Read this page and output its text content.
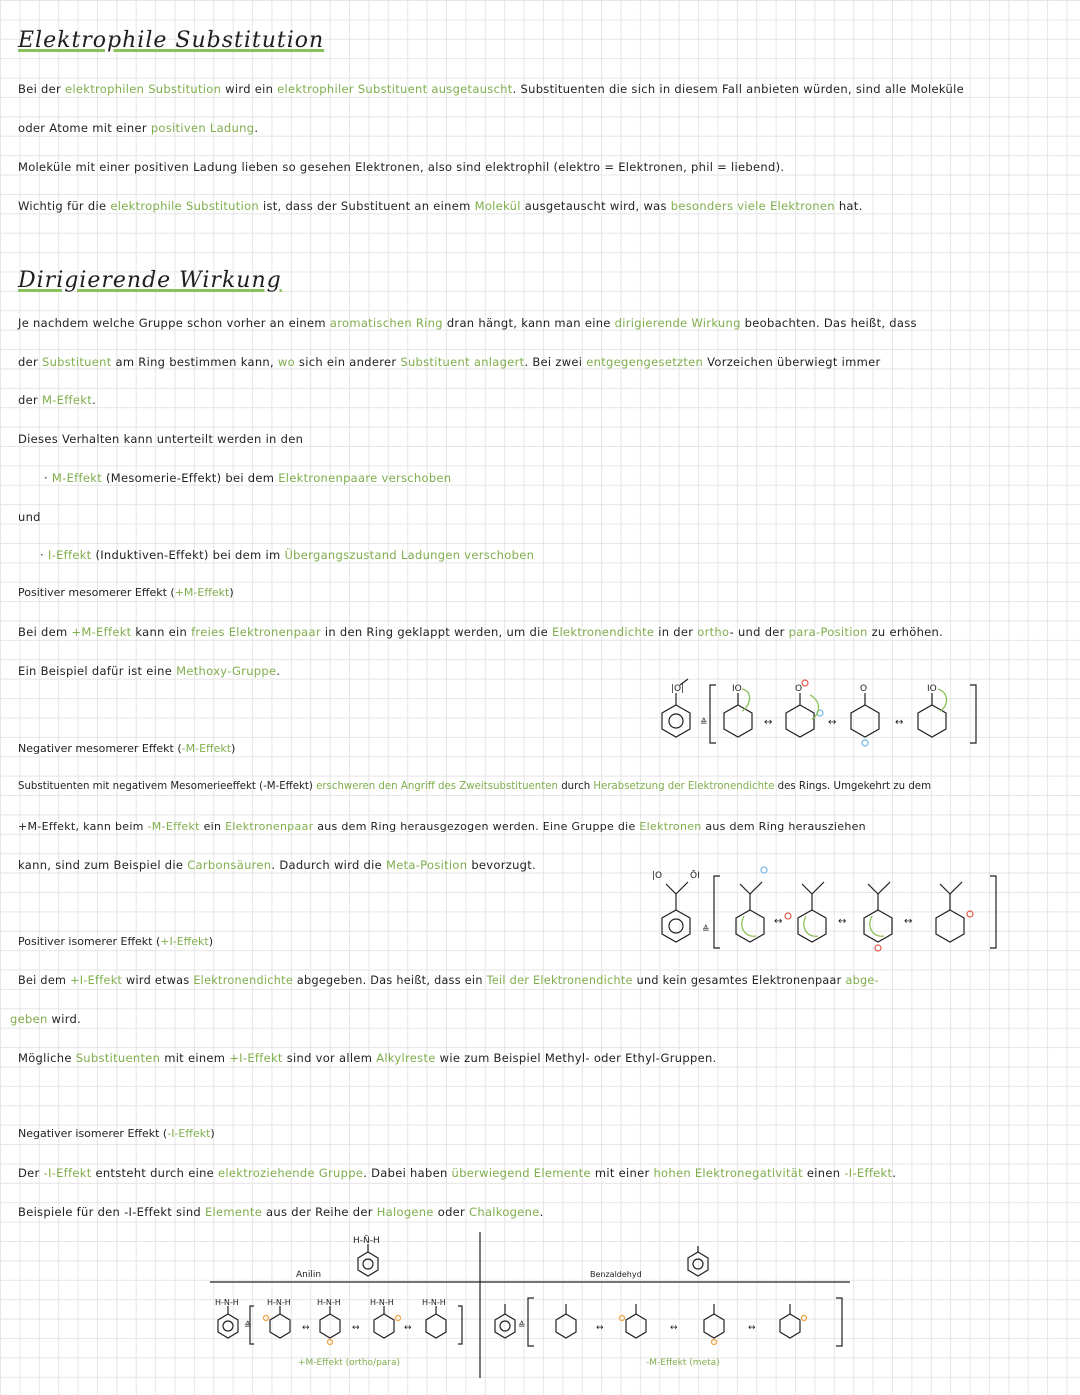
Elektrophile Substitution
Bei der elektrophilen Substitution wird ein elektrophiler Substituent ausgetauscht. Substituenten die sich in diesem Fall anbieten würden, sind alle Moleküle
oder Atome mit einer positiven Ladung.
Moleküle mit einer positiven Ladung lieben so gesehen Elektronen, also sind elektrophil (elektro = Elektronen, phil = liebend).
Wichtig für die elektrophile Substitution ist, dass der Substituent an einem Molekül ausgetauscht wird, was besonders viele Elektronen hat.
Dirigierende Wirkung
Je nachdem welche Gruppe schon vorher an einem aromatischen Ring dran hängt, kann man eine dirigierende Wirkung beobachten. Das heißt, dass
der Substituent am Ring bestimmen kann, wo sich ein anderer Substituent anlagert. Bei zwei entgegengesetzten Vorzeichen überwiegt immer
der M-Effekt.
Dieses Verhalten kann unterteilt werden in den
· M-Effekt (Mesomerie-Effekt) bei dem Elektronenpaare verschoben
und
· I-Effekt (Induktiven-Effekt) bei dem im Übergangszustand Ladungen verschoben
Positiver mesomerer Effekt (+M-Effekt)
Bei dem +M-Effekt kann ein freies Elektronenpaar in den Ring geklappt werden, um die Elektronendichte in der ortho- und der para-Position zu erhöhen.
Ein Beispiel dafür ist eine Methoxy-Gruppe.
|O|
≙
IO
↔
O
↔
O
↔
IO
Negativer mesomerer Effekt (-M-Effekt)
Substituenten mit negativem Mesomerieeffekt (-M-Effekt) erschweren den Angriff des Zweitsubstituenten durch Herabsetzung der Elektronendichte des Rings. Umgekehrt zu dem
+M-Effekt, kann beim -M-Effekt ein Elektronenpaar aus dem Ring herausgezogen werden. Eine Gruppe die Elektronen aus dem Ring herausziehen
kann, sind zum Beispiel die Carbonsäuren. Dadurch wird die Meta-Position bevorzugt.
|O	ŌI
≙
↔	↔	↔
Positiver isomerer Effekt (+I-Effekt)
Bei dem +I-Effekt wird etwas Elektronendichte abgegeben. Das heißt, dass ein Teil der Elektronendichte und kein gesamtes Elektronenpaar abge-
geben wird.
Mögliche Substituenten mit einem +I-Effekt sind vor allem Alkylreste wie zum Beispiel Methyl- oder Ethyl-Gruppen.
Negativer isomerer Effekt (-I-Effekt)
Der -I-Effekt entsteht durch eine elektroziehende Gruppe. Dabei haben überwiegend Elemente mit einer hohen Elektronegativität einen -I-Effekt.
Beispiele für den -I-Effekt sind Elemente aus der Reihe der Halogene oder Chalkogene.
↔	↔	↔	↔	↔	↔
≙	≙
H-N̄-H
Anilin	Benzaldehyd
H-N-H	H-N-H	H-N-H	H-N-H	H-N-H
+M-Effekt (ortho/para)	-M-Effekt (meta)
